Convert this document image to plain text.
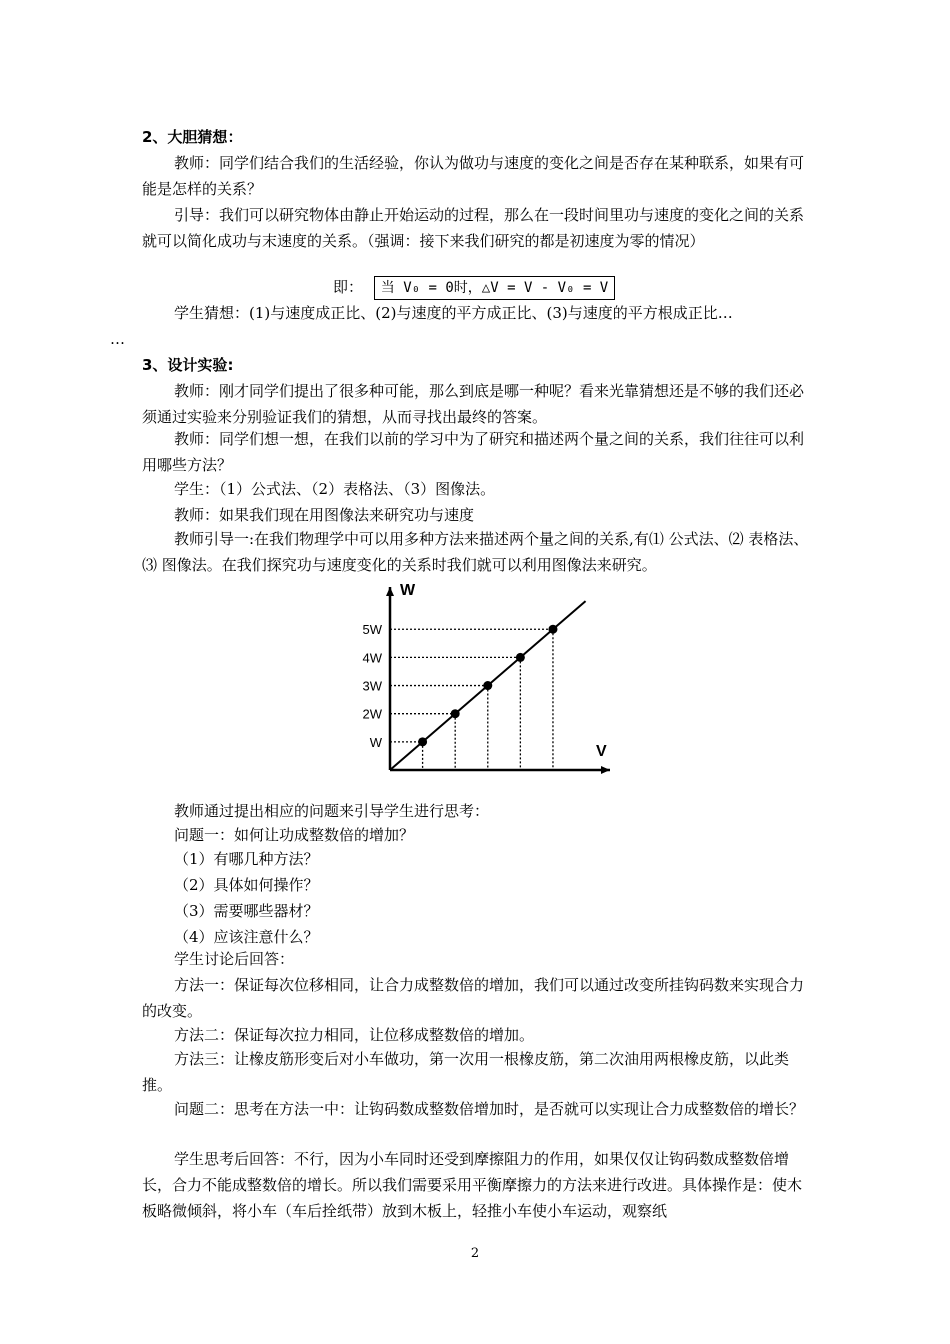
2、大胆猜想：
教师：同学们结合我们的生活经验，你认为做功与速度的变化之间是否存在某种联系，如果有可能是怎样的关系？
引导：我们可以研究物体由静止开始运动的过程，那么在一段时间里功与速度的变化之间的关系就可以简化成功与末速度的关系。（强调：接下来我们研究的都是初速度为零的情况）
即： 当 V₀ = 0时，△V = V - V₀ = V
学生猜想：(1)与速度成正比、(2)与速度的平方成正比、(3)与速度的平方根成正比…
…
3、设计实验:
教师：刚才同学们提出了很多种可能，那么到底是哪一种呢？看来光靠猜想还是不够的我们还必须通过实验来分别验证我们的猜想，从而寻找出最终的答案。
教师：同学们想一想，在我们以前的学习中为了研究和描述两个量之间的关系，我们往往可以利用哪些方法？
学生：（1）公式法、（2）表格法、（3）图像法。
教师：如果我们现在用图像法来研究功与速度
教师引导一:在我们物理学中可以用多种方法来描述两个量之间的关系,有⑴ 公式法、⑵ 表格法、⑶ 图像法。在我们探究功与速度变化的关系时我们就可以利用图像法来研究。
W
2W
3W
4W
5W
W
V
教师通过提出相应的问题来引导学生进行思考：
问题一：如何让功成整数倍的增加？
（1）有哪几种方法？
（2）具体如何操作？
（3）需要哪些器材？
（4）应该注意什么？
学生讨论后回答：
方法一：保证每次位移相同，让合力成整数倍的增加，我们可以通过改变所挂钩码数来实现合力的改变。
方法二：保证每次拉力相同，让位移成整数倍的增加。
方法三：让橡皮筋形变后对小车做功，第一次用一根橡皮筋，第二次油用两根橡皮筋，以此类推。
问题二：思考在方法一中：让钩码数成整数倍增加时，是否就可以实现让合力成整数倍的增长？
学生思考后回答：不行，因为小车同时还受到摩擦阻力的作用，如果仅仅让钩码数成整数倍增长，合力不能成整数倍的增长。所以我们需要采用平衡摩擦力的方法来进行改进。具体操作是：使木板略微倾斜，将小车（车后拴纸带）放到木板上，轻推小车使小车运动，观察纸
2
